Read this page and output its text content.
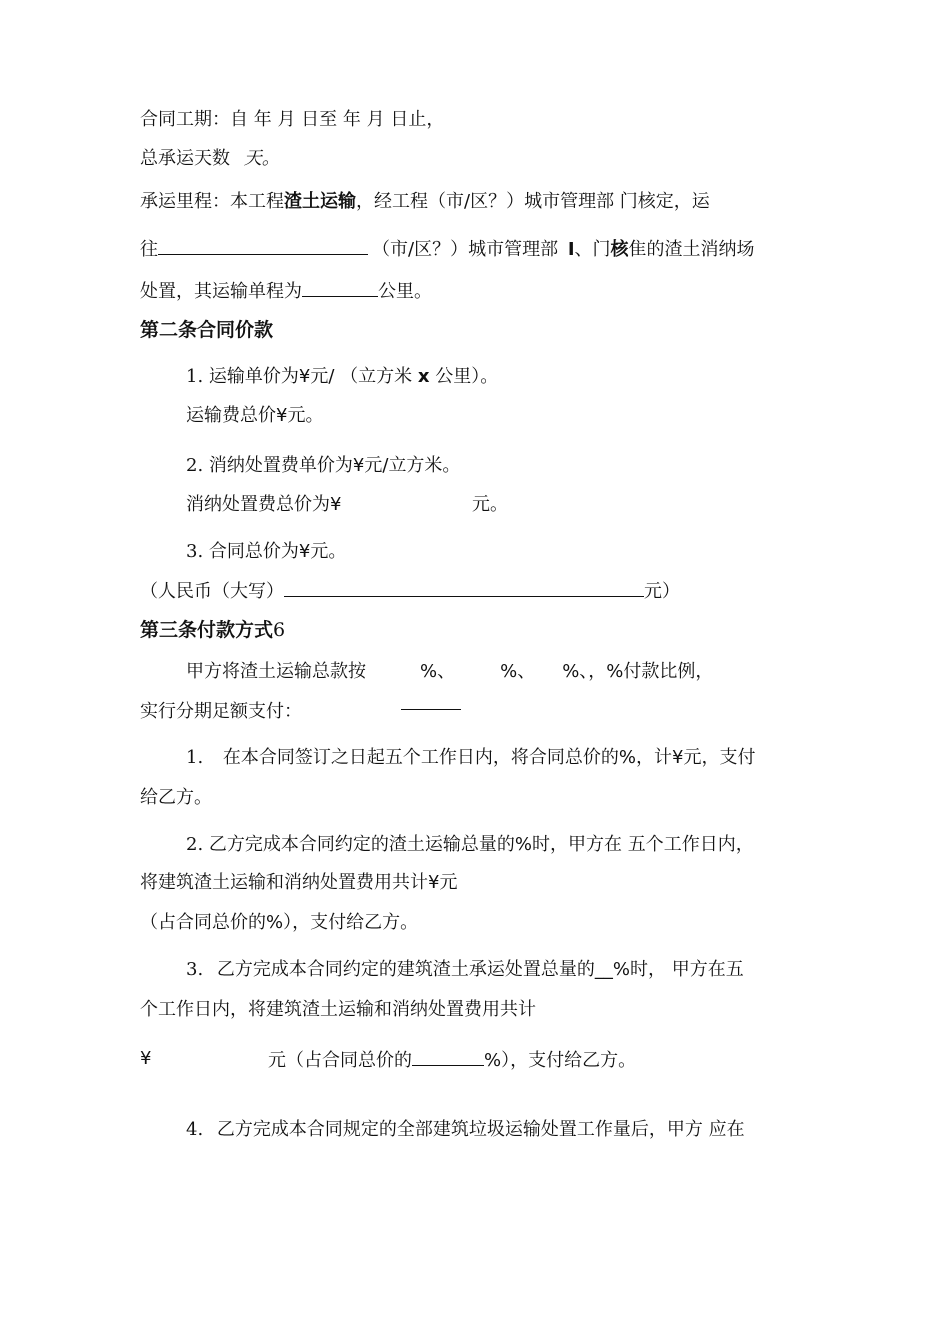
合同工期：自 年 月 日至 年 月 日止，
总承运天数 天。
承运里程：本工程渣土运输，经工程（市/区？）城市管理部 门核定，运
往	（市/区？）城市管理部 I、门核隹的渣土消纳场
处置，其运输单程为	公里。
第二条合同价款
1. 运输单价为¥元/ （立方米 x 公里）。
运输费总价¥元。
2. 消纳处置费单价为¥元/立方米。
消纳处置费总价为¥	元。
3. 合同总价为¥元。
（人民币（大写）	元）
第三条付款方式6
甲方将渣土运输总款按　　　%、　　　%、　　%、，%付款比例，
实行分期足额支付：
1. 在本合同签订之日起五个工作日内，将合同总价的%，计¥元，支付
给乙方。
2. 乙方完成本合同约定的渣土运输总量的%时，甲方在 五个工作日内，
将建筑渣土运输和消纳处置费用共计¥元
（占合同总价的%），支付给乙方。
3. 乙方完成本合同约定的建筑渣土承运处置总量的__%时， 甲方在五
个工作日内，将建筑渣土运输和消纳处置费用共计
¥	元（占合同总价的	%），支付给乙方。
4. 乙方完成本合同规定的全部建筑垃圾运输处置工作量后，甲方 应在
